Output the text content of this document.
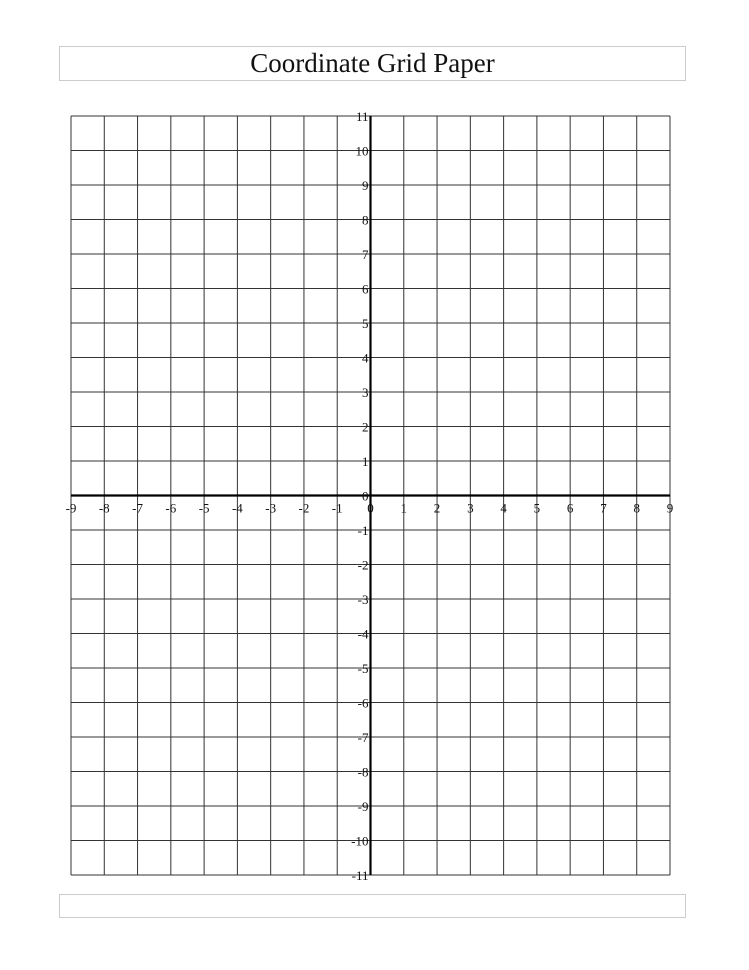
Coordinate Grid Paper
-9 -8 -7 -6 -5 -4 -3 -2 -1 0 1 2 3 4 5 6 7 8 9
11
10
9
8
7
6
5
4
3
2
1
0
-1
-2
-3
-4
-5
-6
-7
-8
-9
-10
-11
